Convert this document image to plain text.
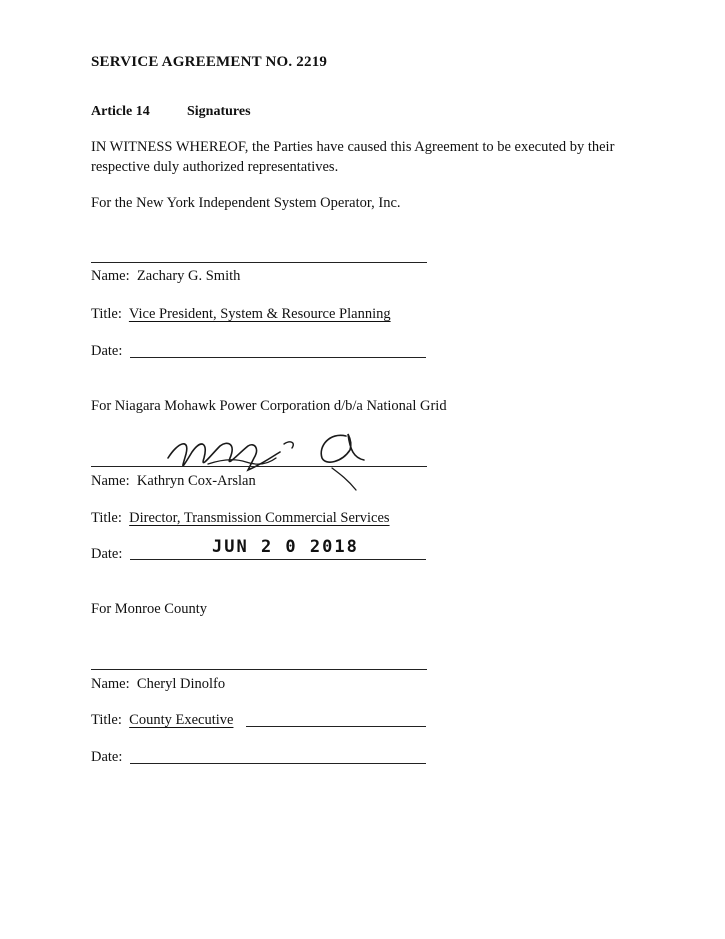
SERVICE AGREEMENT NO. 2219
Article 14	Signatures
IN WITNESS WHEREOF, the Parties have caused this Agreement to be executed by their
respective duly authorized representatives.
For the New York Independent System Operator, Inc.
Name: Zachary G. Smith
Title: Vice President, System & Resource Planning
Date:
For Niagara Mohawk Power Corporation d/b/a National Grid
Name: Kathryn Cox-Arslan
Title: Director, Transmission Commercial Services
Date:	JUN 2 0 2018
For Monroe County
Name: Cheryl Dinolfo
Title: County Executive
Date:
